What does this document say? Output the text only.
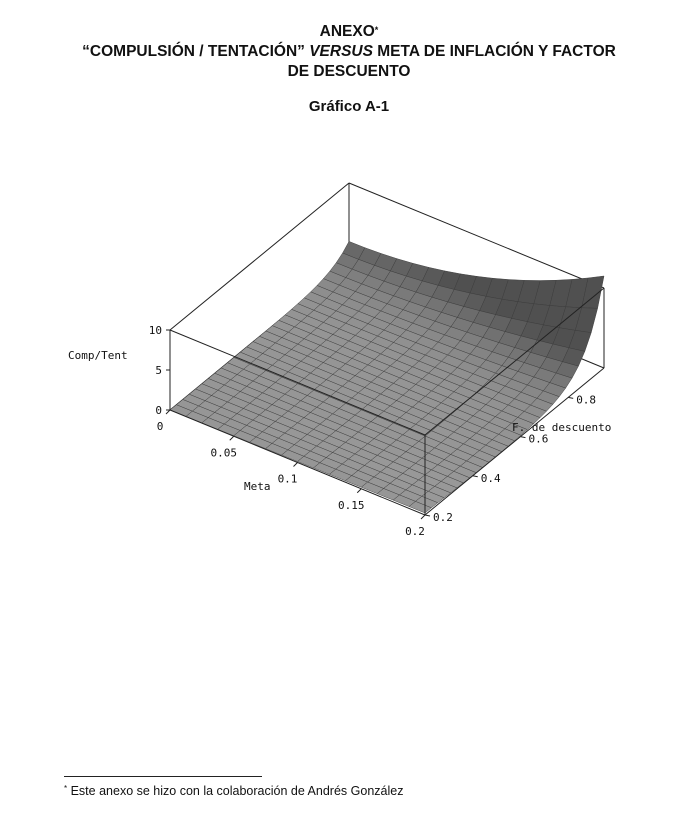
ANEXO*
“COMPULSIÓN / TENTACIÓN” VERSUS META DE INFLACIÓN Y FACTOR
DE DESCUENTO
Gráfico A-1
Comp/Tent
Meta
F. de descuento
0
0.05
0.1
0.15
0.2
0.2
0.4
0.6
0.8
0
5
10
* Este anexo se hizo con la colaboración de Andrés González
